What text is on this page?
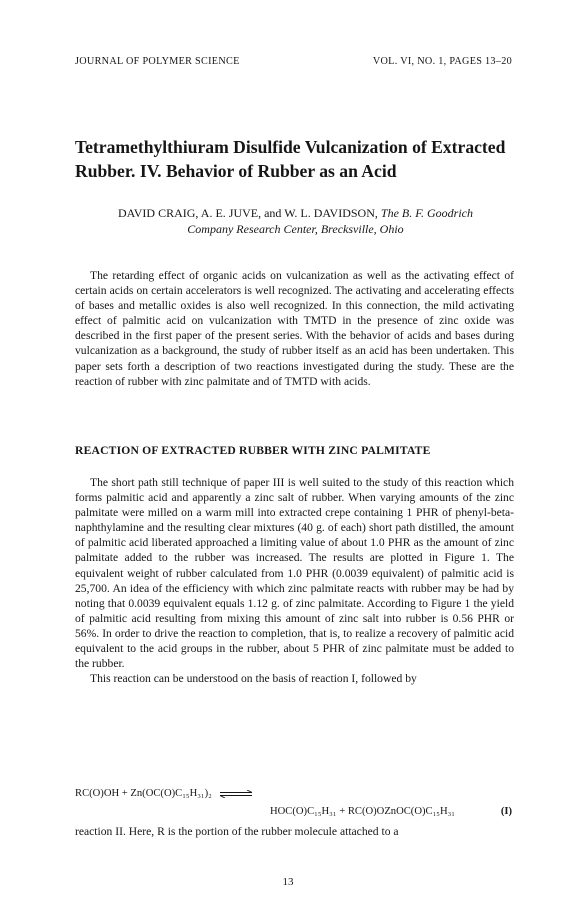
JOURNAL OF POLYMER SCIENCE	VOL. VI, NO. 1, PAGES 13–20
Tetramethylthiuram Disulfide Vulcanization of Extracted Rubber. IV. Behavior of Rubber as an Acid
DAVID CRAIG, A. E. JUVE, and W. L. DAVIDSON, The B. F. Goodrich
Company Research Center, Brecksville, Ohio

The retarding effect of organic acids on vulcanization as well as the activating effect of certain acids on certain accelerators is well recognized. The activating and accelerating effects of bases and metallic oxides is also well recognized. In this connection, the mild activating effect of palmitic acid on vulcanization with TMTD in the presence of zinc oxide was described in the first paper of the present series. With the behavior of acids and bases during vulcanization as a background, the study of rubber itself as an acid has been undertaken. This paper sets forth a description of two reactions investigated during the study. These are the reaction of rubber with zinc palmitate and of TMTD with acids.

REACTION OF EXTRACTED RUBBER WITH ZINC PALMITATE

The short path still technique of paper III is well suited to the study of this reaction which forms palmitic acid and apparently a zinc salt of rubber. When varying amounts of the zinc palmitate were milled on a warm mill into extracted crepe containing 1 PHR of phenyl-beta-naphthylamine and the resulting clear mixtures (40 g. of each) short path distilled, the amount of palmitic acid liberated approached a limiting value of about 1.0 PHR as the amount of zinc palmitate added to the rubber was increased. The results are plotted in Figure 1. The equivalent weight of rubber calculated from 1.0 PHR (0.0039 equivalent) of palmitic acid is 25,700. An idea of the efficiency with which zinc palmitate reacts with rubber may be had by noting that 0.0039 equivalent equals 1.12 g. of zinc palmitate. According to Figure 1 the yield of palmitic acid resulting from mixing this amount of zinc salt into rubber is 0.56 PHR or 56%. In order to drive the reaction to completion, that is, to realize a recovery of palmitic acid equivalent to the acid groups in the rubber, about 5 PHR of zinc palmitate must be added to the rubber.

This reaction can be understood on the basis of reaction I, followed by

RC(O)OH + Zn(OC(O)C₁₅H₃₁)₂ ⇌
HOC(O)C₁₅H₃₁ + RC(O)OZnOC(O)C₁₅H₃₁	(I)
reaction II. Here, R is the portion of the rubber molecule attached to a
13
